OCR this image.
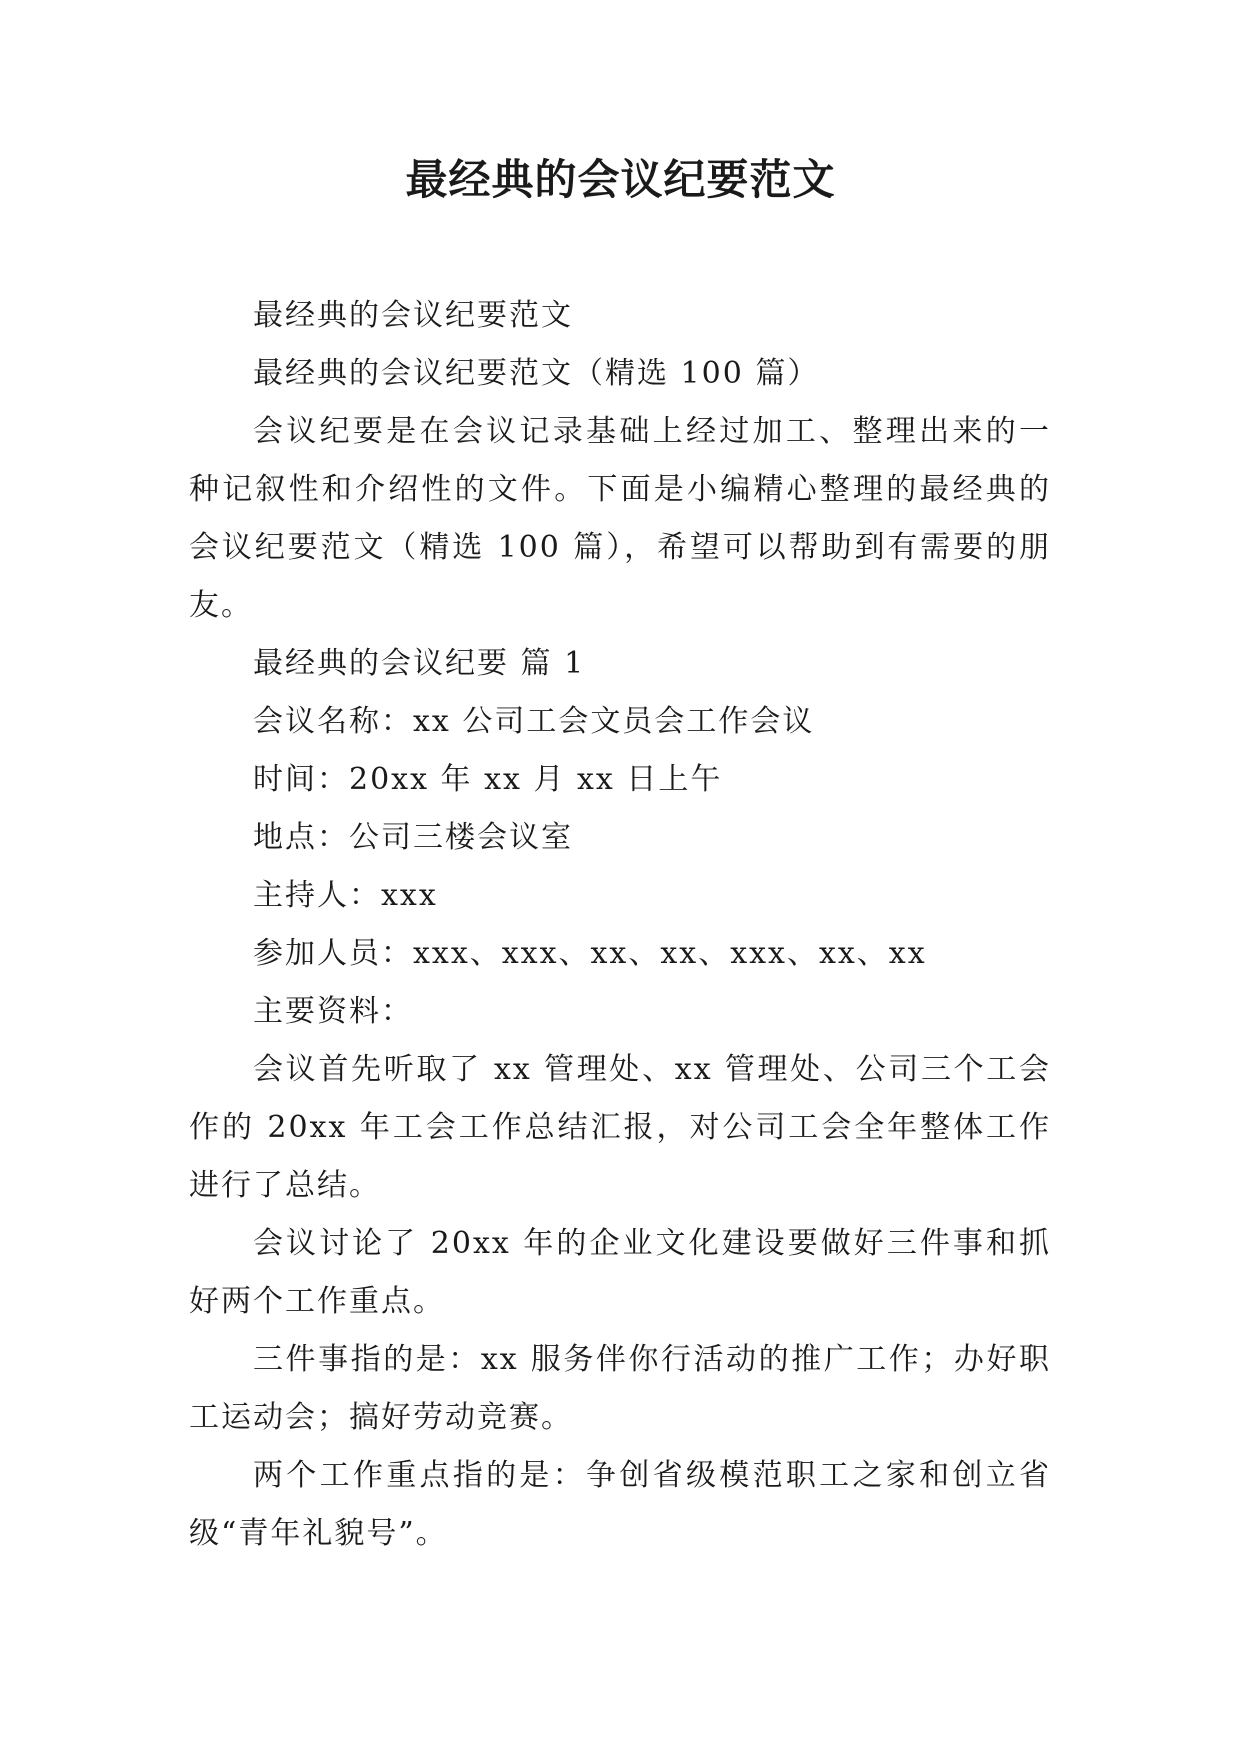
最经典的会议纪要范文

最经典的会议纪要范文

最经典的会议纪要范文（精选 100 篇）

会议纪要是在会议记录基础上经过加工、整理出来的一种记叙性和介绍性的文件。下面是小编精心整理的最经典的会议纪要范文（精选 100 篇），希望可以帮助到有需要的朋友。

最经典的会议纪要 篇 1

会议名称：xx 公司工会文员会工作会议

时间：20xx 年 xx 月 xx 日上午

地点：公司三楼会议室

主持人：xxx

参加人员：xxx、xxx、xx、xx、xxx、xx、xx

主要资料：

会议首先听取了 xx 管理处、xx 管理处、公司三个工会作的 20xx 年工会工作总结汇报，对公司工会全年整体工作进行了总结。

会议讨论了 20xx 年的企业文化建设要做好三件事和抓好两个工作重点。

三件事指的是：xx 服务伴你行活动的推广工作；办好职工运动会；搞好劳动竞赛。

两个工作重点指的是：争创省级模范职工之家和创立省级“青年礼貌号”。
